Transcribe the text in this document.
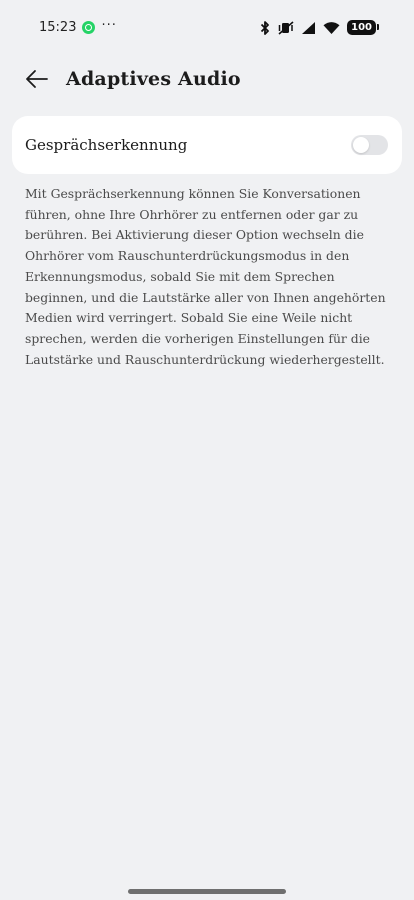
15:23 ···	100
Adaptives Audio
Gesprächserkennung

Mit Gesprächserkennung können Sie Konversationen führen, ohne Ihre Ohrhörer zu entfernen oder gar zu berühren. Bei Aktivierung dieser Option wechseln die Ohrhörer vom Rauschunterdrückungsmodus in den Erkennungsmodus, sobald Sie mit dem Sprechen beginnen, und die Lautstärke aller von Ihnen angehörten Medien wird verringert. Sobald Sie eine Weile nicht sprechen, werden die vorherigen Einstellungen für die Lautstärke und Rauschunterdrückung wiederhergestellt.
